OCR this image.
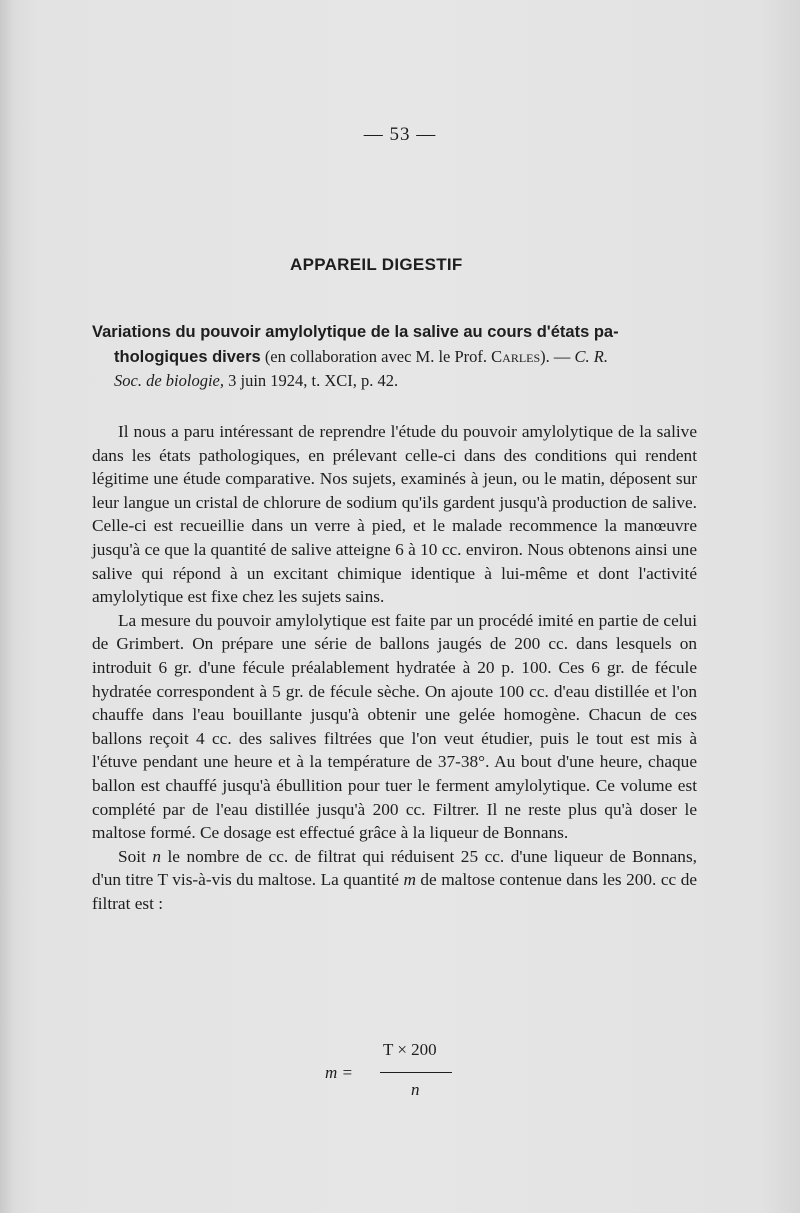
— 53 —
APPAREIL DIGESTIF
Variations du pouvoir amylolytique de la salive au cours d'états pa-
thologiques divers (en collaboration avec M. le Prof. Carles). — C. R.
Soc. de biologie, 3 juin 1924, t. XCI, p. 42.

Il nous a paru intéressant de reprendre l'étude du pouvoir amylolytique de la salive dans les états pathologiques, en prélevant celle-ci dans des conditions qui rendent légitime une étude comparative. Nos sujets, examinés à jeun, ou le matin, déposent sur leur langue un cristal de chlorure de sodium qu'ils gardent jusqu'à production de salive. Celle-ci est recueillie dans un verre à pied, et le malade recommence la manœuvre jusqu'à ce que la quantité de salive atteigne 6 à 10 cc. environ. Nous obtenons ainsi une salive qui répond à un excitant chimique identique à lui-même et dont l'activité amylolytique est fixe chez les sujets sains.

La mesure du pouvoir amylolytique est faite par un procédé imité en partie de celui de Grimbert. On prépare une série de ballons jaugés de 200 cc. dans lesquels on introduit 6 gr. d'une fécule préalablement hydratée à 20 p. 100. Ces 6 gr. de fécule hydratée correspondent à 5 gr. de fécule sèche. On ajoute 100 cc. d'eau distillée et l'on chauffe dans l'eau bouillante jusqu'à obtenir une gelée homogène. Chacun de ces ballons reçoit 4 cc. des salives filtrées que l'on veut étudier, puis le tout est mis à l'étuve pendant une heure et à la température de 37-38°. Au bout d'une heure, chaque ballon est chauffé jusqu'à ébullition pour tuer le ferment amylolytique. Ce volume est complété par de l'eau distillée jusqu'à 200 cc. Filtrer. Il ne reste plus qu'à doser le maltose formé. Ce dosage est effectué grâce à la liqueur de Bonnans.

Soit n le nombre de cc. de filtrat qui réduisent 25 cc. d'une liqueur de Bonnans, d'un titre T vis-à-vis du maltose. La quantité m de maltose contenue dans les 200. cc de filtrat est :

m =
T × 200
n
